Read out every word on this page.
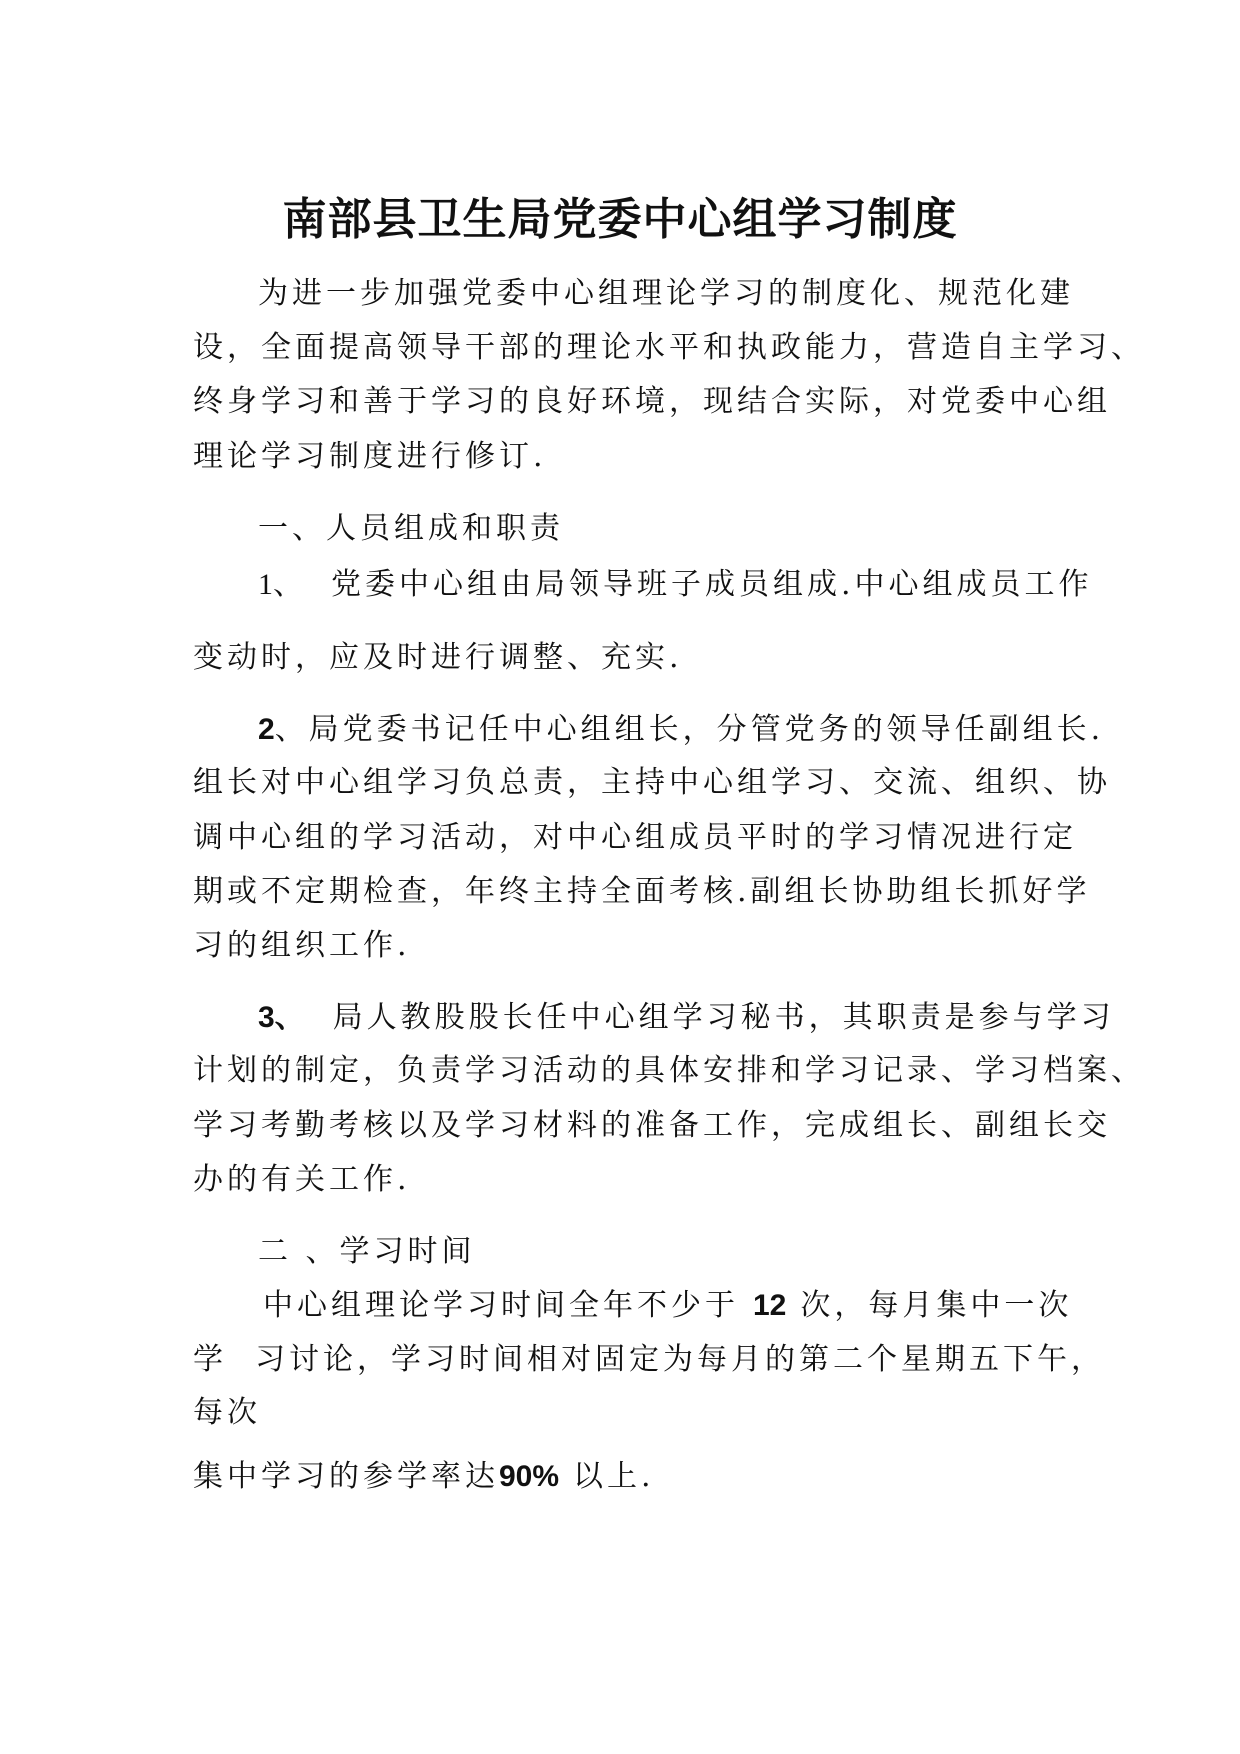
南部县卫生局党委中心组学习制度
为进一步加强党委中心组理论学习的制度化、规范化建
设，全面提高领导干部的理论水平和执政能力，营造自主学习、
终身学习和善于学习的良好环境，现结合实际，对党委中心组
理论学习制度进行修订.
一、人员组成和职责
1、 党委中心组由局领导班子成员组成.中心组成员工作
变动时，应及时进行调整、充实.
2、局党委书记任中心组组长，分管党务的领导任副组长.
组长对中心组学习负总责，主持中心组学习、交流、组织、协
调中心组的学习活动，对中心组成员平时的学习情况进行定
期或不定期检查，年终主持全面考核.副组长协助组长抓好学
习的组织工作.
3、 局人教股股长任中心组学习秘书，其职责是参与学习
计划的制定，负责学习活动的具体安排和学习记录、学习档案、
学习考勤考核以及学习材料的准备工作，完成组长、副组长交
办的有关工作.
二 、学习时间
中心组理论学习时间全年不少于 12 次，每月集中一次
学 习讨论，学习时间相对固定为每月的第二个星期五下午，
每次
集中学习的参学率达90% 以上.
